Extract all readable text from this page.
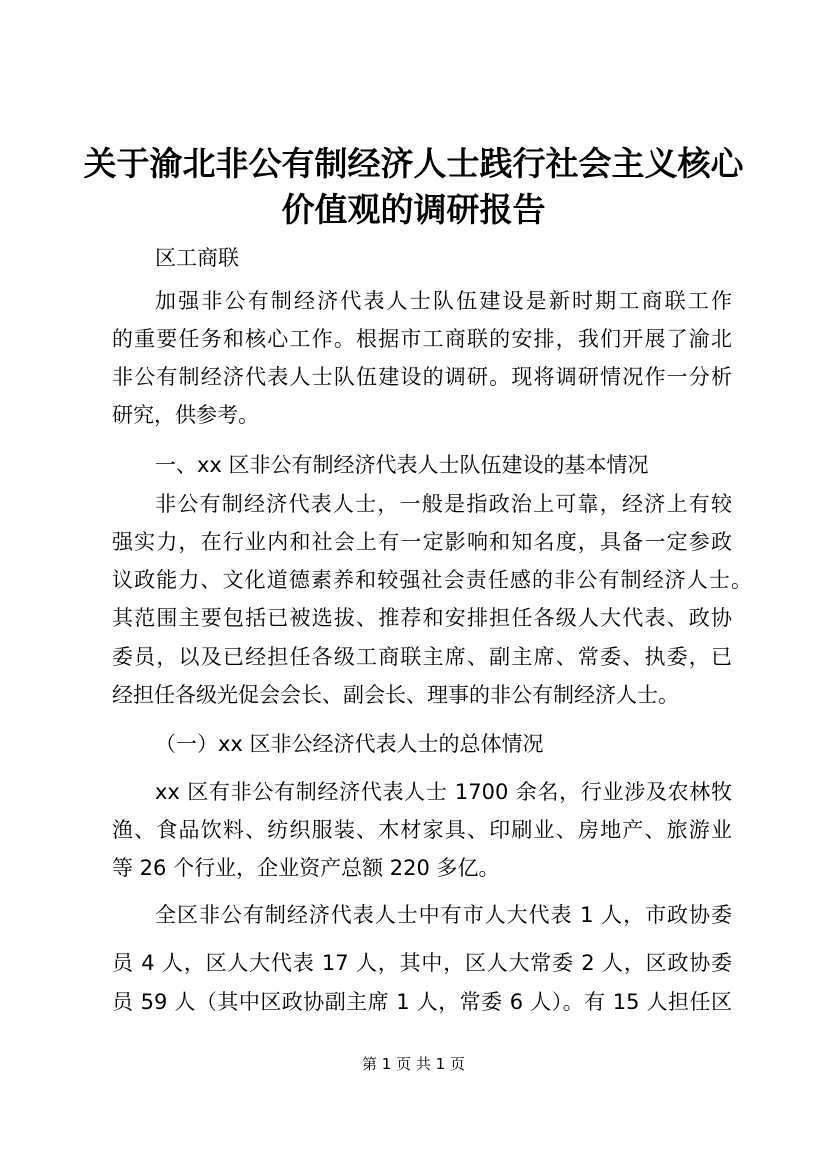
关于渝北非公有制经济人士践行社会主义核心
价值观的调研报告

区工商联

加强非公有制经济代表人士队伍建设是新时期工商联工作

的重要任务和核心工作。根据市工商联的安排，我们开展了渝北

非公有制经济代表人士队伍建设的调研。现将调研情况作一分析

研究，供参考。

一、xx 区非公有制经济代表人士队伍建设的基本情况

非公有制经济代表人士，一般是指政治上可靠，经济上有较

强实力，在行业内和社会上有一定影响和知名度，具备一定参政

议政能力、文化道德素养和较强社会责任感的非公有制经济人士。

其范围主要包括已被选拔、推荐和安排担任各级人大代表、政协

委员，以及已经担任各级工商联主席、副主席、常委、执委，已

经担任各级光促会会长、副会长、理事的非公有制经济人士。

（一）xx 区非公经济代表人士的总体情况

xx 区有非公有制经济代表人士 1700 余名，行业涉及农林牧

渔、食品饮料、纺织服装、木材家具、印刷业、房地产、旅游业

等 26 个行业，企业资产总额 220 多亿。

全区非公有制经济代表人士中有市人大代表 1 人，市政协委

员 4 人，区人大代表 17 人，其中，区人大常委 2 人，区政协委

员 59 人（其中区政协副主席 1 人，常委 6 人）。有 15 人担任区

第 1 页 共 1 页
